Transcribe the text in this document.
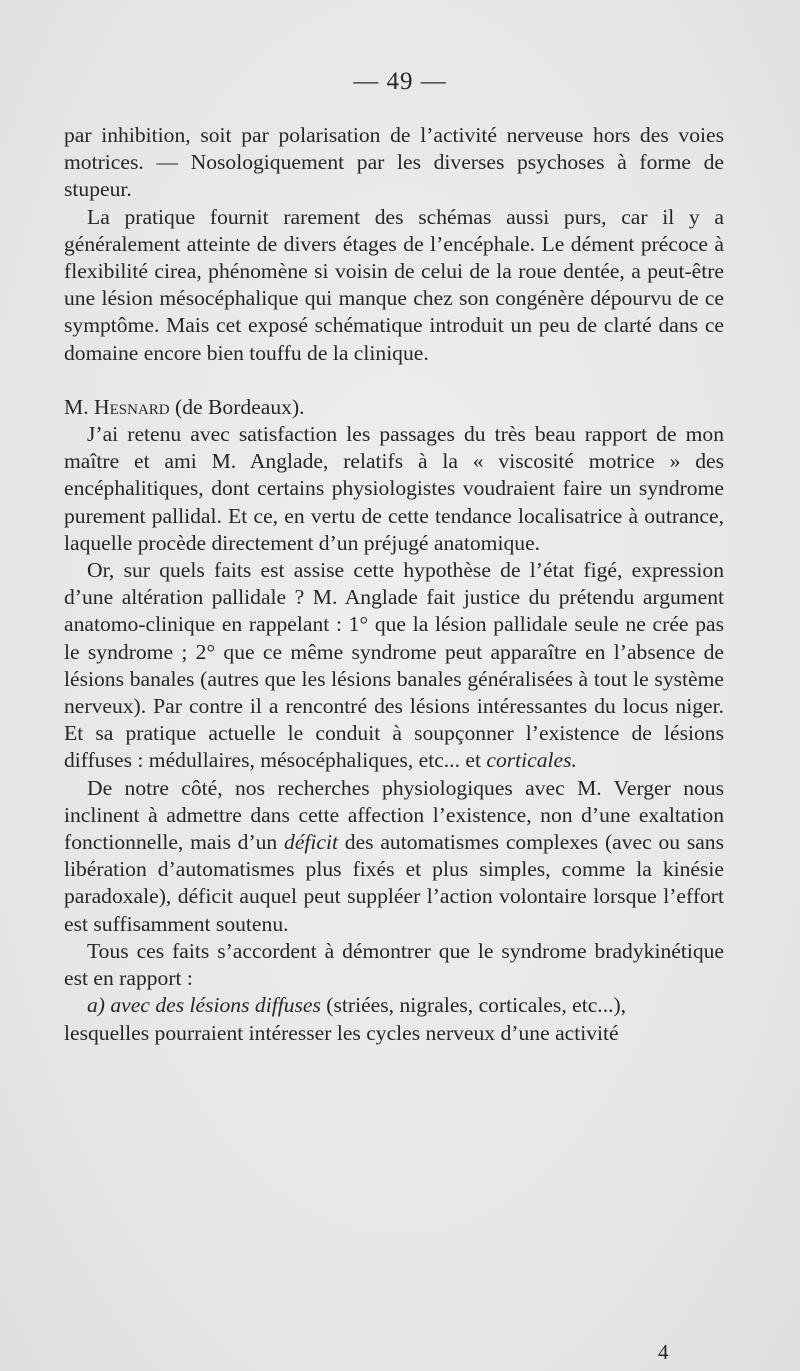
— 49 —

par inhibition, soit par polarisation de l’activité nerveuse hors des voies motrices. — Nosologiquement par les diverses psychoses à forme de stupeur.

La pratique fournit rarement des schémas aussi purs, car il y a généralement atteinte de divers étages de l’encéphale. Le dément précoce à flexibilité cirea, phénomène si voisin de celui de la roue dentée, a peut-être une lésion mésocéphalique qui manque chez son congénère dépourvu de ce symptôme. Mais cet exposé schématique introduit un peu de clarté dans ce domaine encore bien touffu de la clinique.

M. Hesnard (de Bordeaux).

J’ai retenu avec satisfaction les passages du très beau rapport de mon maître et ami M. Anglade, relatifs à la « viscosité motrice » des encéphalitiques, dont certains physiologistes voudraient faire un syndrome purement pallidal. Et ce, en vertu de cette tendance localisatrice à outrance, laquelle procède directement d’un préjugé anatomique.

Or, sur quels faits est assise cette hypothèse de l’état figé, expression d’une altération pallidale ? M. Anglade fait justice du prétendu argument anatomo-clinique en rappelant : 1° que la lésion pallidale seule ne crée pas le syndrome ; 2° que ce même syndrome peut apparaître en l’absence de lésions banales (autres que les lésions banales généralisées à tout le système nerveux). Par contre il a rencontré des lésions intéressantes du locus niger. Et sa pratique actuelle le conduit à soupçonner l’existence de lésions diffuses : médullaires, mésocéphaliques, etc... et corticales.

De notre côté, nos recherches physiologiques avec M. Verger nous inclinent à admettre dans cette affection l’existence, non d’une exaltation fonctionnelle, mais d’un déficit des automatismes complexes (avec ou sans libération d’automatismes plus fixés et plus simples, comme la kinésie paradoxale), déficit auquel peut suppléer l’action volontaire lorsque l’effort est suffisamment soutenu.

Tous ces faits s’accordent à démontrer que le syndrome bradykinétique est en rapport :

a) avec des lésions diffuses (striées, nigrales, corticales, etc...),

lesquelles pourraient intéresser les cycles nerveux d’une activité

4
